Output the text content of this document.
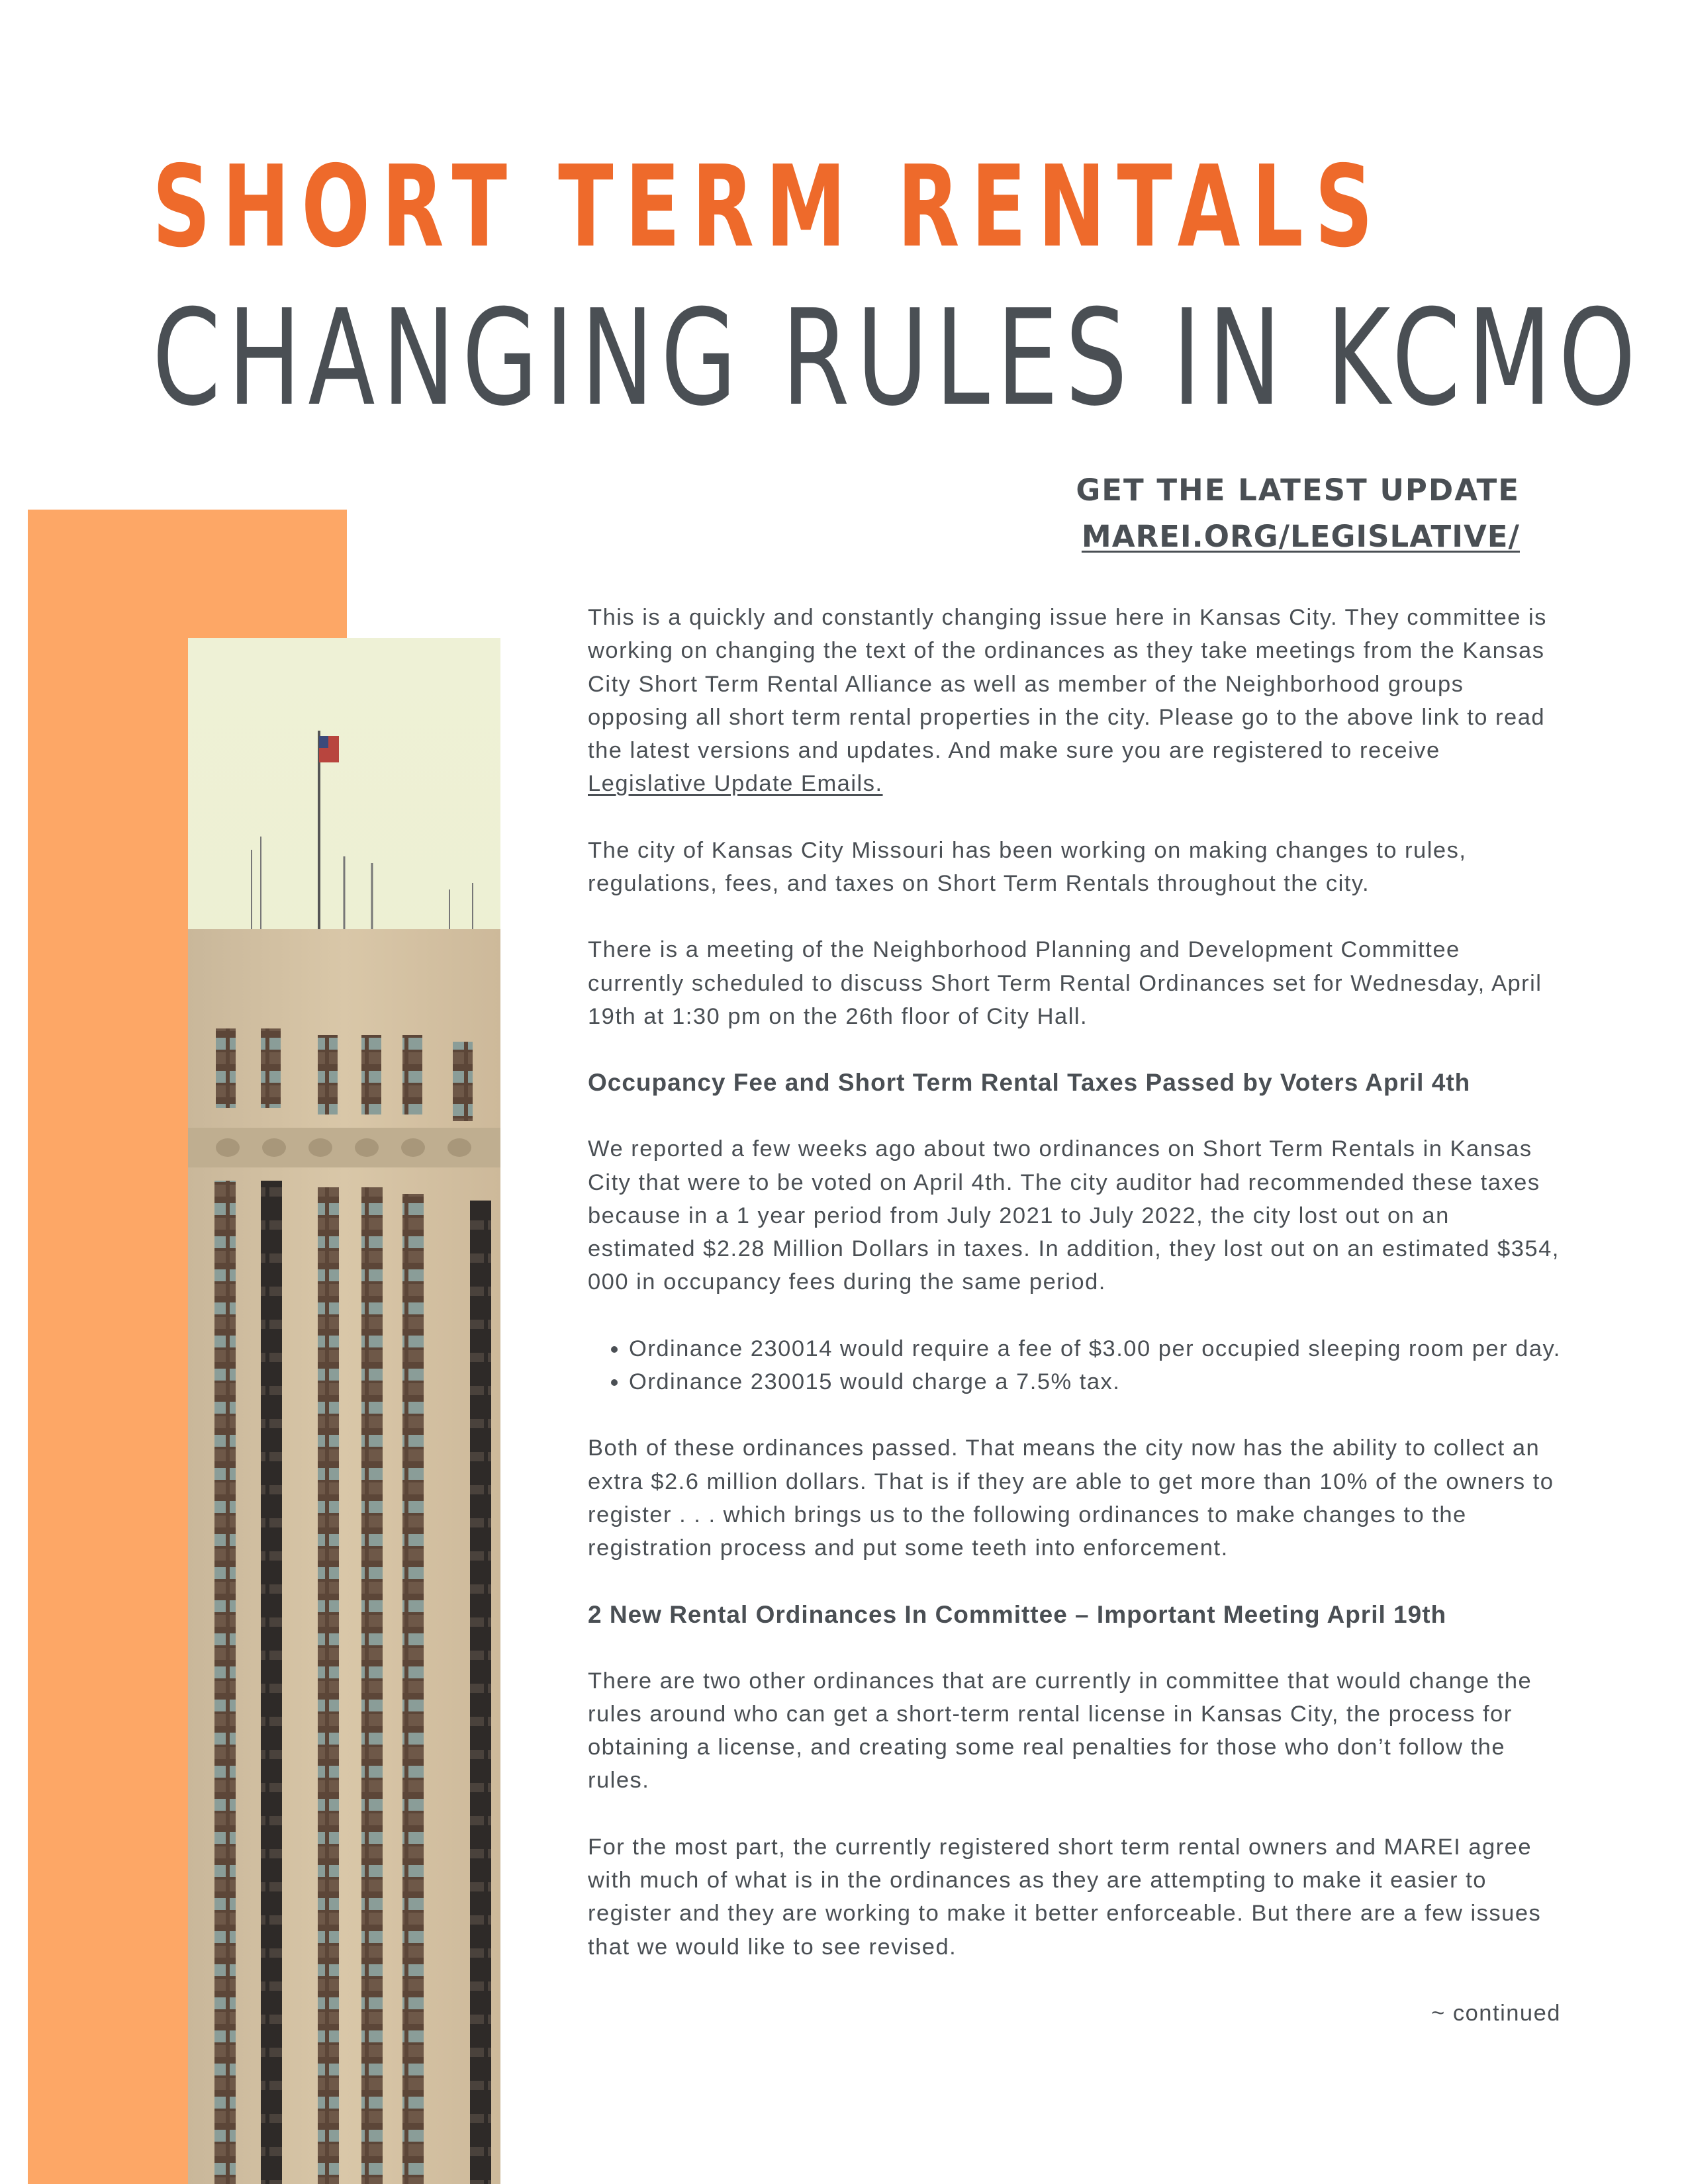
SHORT TERM RENTALS
CHANGING RULES IN KCMO
GET THE LATEST UPDATE
MAREI.ORG/LEGISLATIVE/

This is a quickly and constantly changing issue here in Kansas City. They committee is working on changing the text of the ordinances as they take meetings from the Kansas City Short Term Rental Alliance as well as member of the Neighborhood groups opposing all short term rental properties in the city. Please go to the above link to read the latest versions and updates. And make sure you are registered to receive Legislative Update Emails.

The city of Kansas City Missouri has been working on making changes to rules, regulations, fees, and taxes on Short Term Rentals throughout the city.

There is a meeting of the Neighborhood Planning and Development Committee currently scheduled to discuss Short Term Rental Ordinances set for Wednesday, April 19th at 1:30 pm on the 26th floor of City Hall.

Occupancy Fee and Short Term Rental Taxes Passed by Voters April 4th

We reported a few weeks ago about two ordinances on Short Term Rentals in Kansas City that were to be voted on April 4th. The city auditor had recommended these taxes because in a 1 year period from July 2021 to July 2022, the city lost out on an estimated $2.28 Million Dollars in taxes. In addition, they lost out on an estimated $354, 000 in occupancy fees during the same period.

• Ordinance 230014 would require a fee of $3.00 per occupied sleeping room per day.
• Ordinance 230015 would charge a 7.5% tax.

Both of these ordinances passed. That means the city now has the ability to collect an extra $2.6 million dollars. That is if they are able to get more than 10% of the owners to register . . . which brings us to the following ordinances to make changes to the registration process and put some teeth into enforcement.

2 New Rental Ordinances In Committee – Important Meeting April 19th

There are two other ordinances that are currently in committee that would change the rules around who can get a short-term rental license in Kansas City, the process for obtaining a license, and creating some real penalties for those who don’t follow the rules.

For the most part, the currently registered short term rental owners and MAREI agree with much of what is in the ordinances as they are attempting to make it easier to register and they are working to make it better enforceable. But there are a few issues that we would like to see revised.

~ continued
